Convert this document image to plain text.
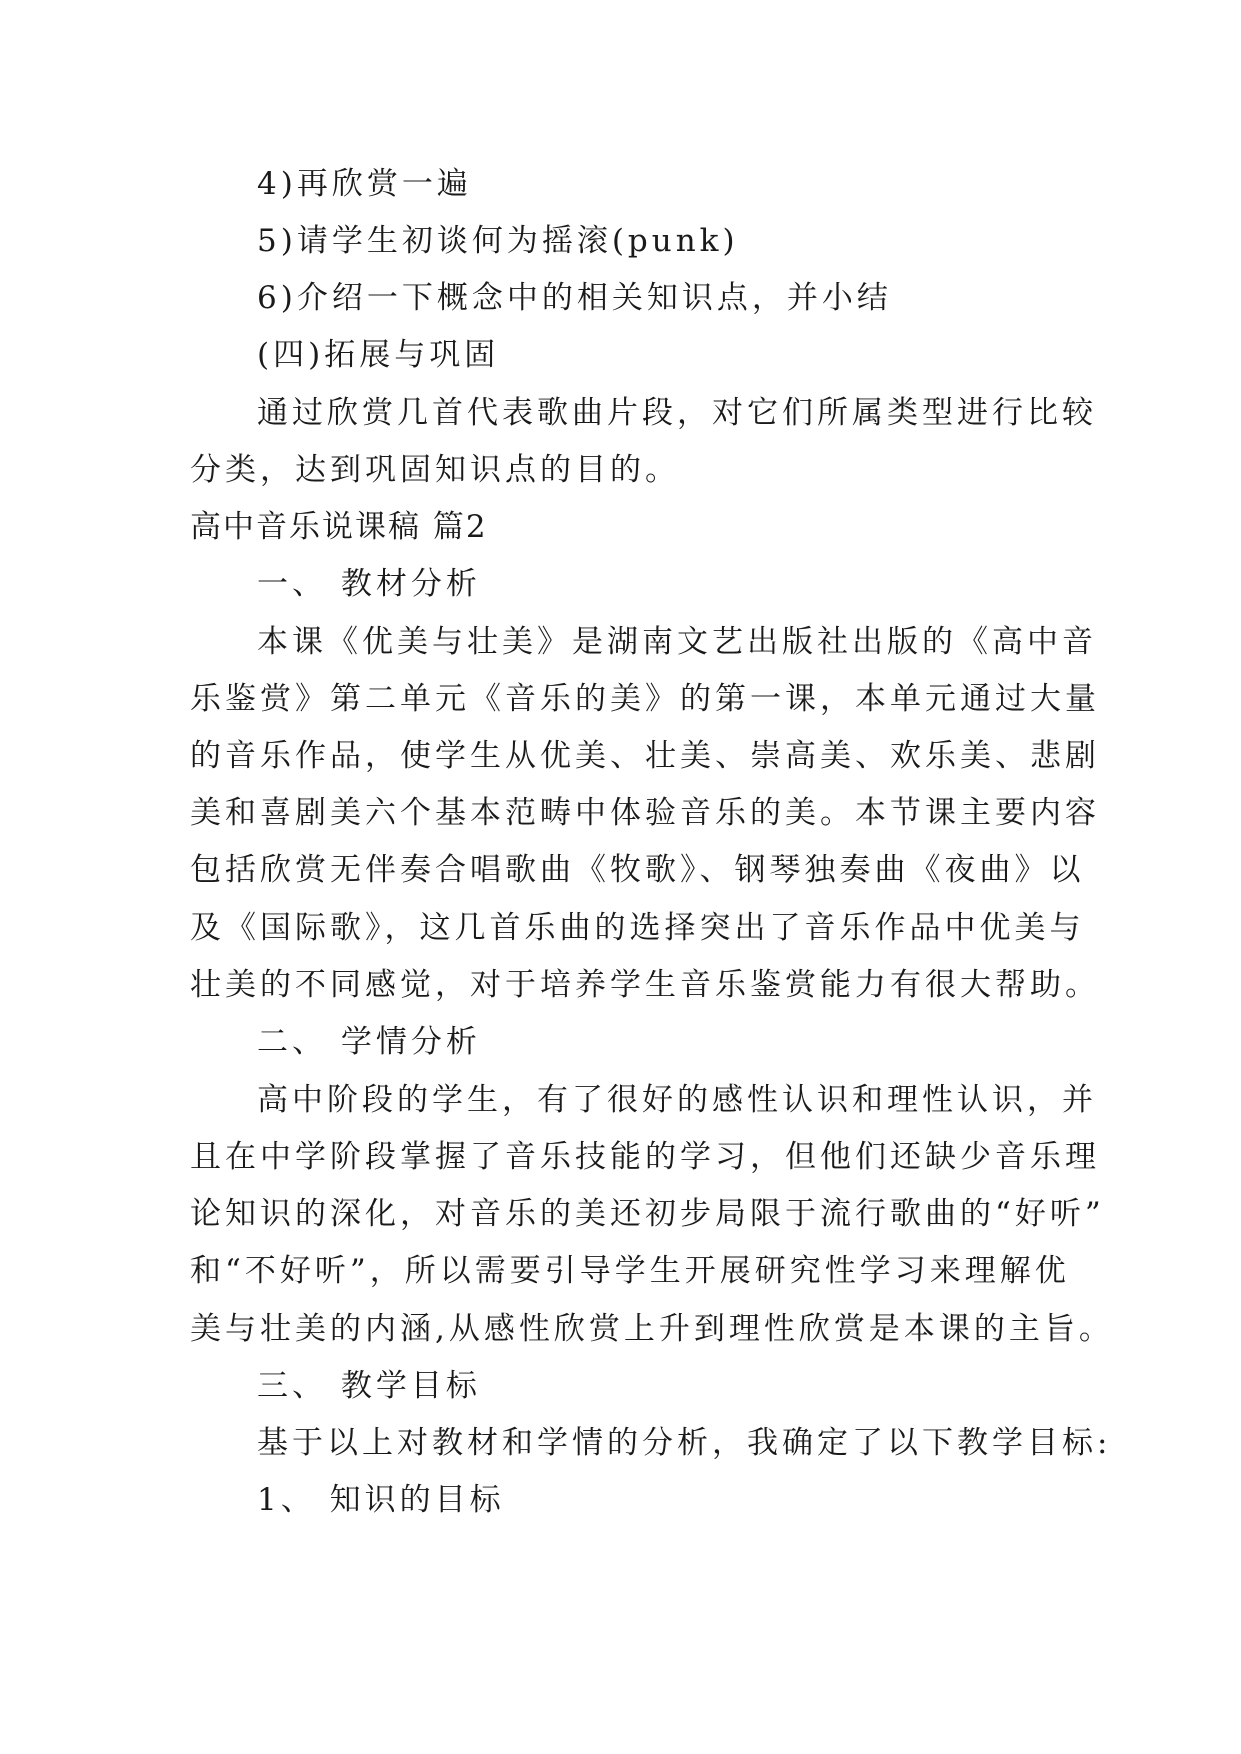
4)再欣赏一遍
5)请学生初谈何为摇滚(punk)
6)介绍一下概念中的相关知识点，并小结
(四)拓展与巩固
通过欣赏几首代表歌曲片段，对它们所属类型进行比较
分类，达到巩固知识点的目的。
高中音乐说课稿 篇2
一、 教材分析
本课《优美与壮美》是湖南文艺出版社出版的《高中音
乐鉴赏》第二单元《音乐的美》的第一课，本单元通过大量
的音乐作品，使学生从优美、壮美、崇高美、欢乐美、悲剧
美和喜剧美六个基本范畴中体验音乐的美。本节课主要内容
包括欣赏无伴奏合唱歌曲《牧歌》、钢琴独奏曲《夜曲》以
及《国际歌》，这几首乐曲的选择突出了音乐作品中优美与
壮美的不同感觉，对于培养学生音乐鉴赏能力有很大帮助。
二、 学情分析
高中阶段的学生，有了很好的感性认识和理性认识，并
且在中学阶段掌握了音乐技能的学习，但他们还缺少音乐理
论知识的深化，对音乐的美还初步局限于流行歌曲的“好听”
和“不好听”，所以需要引导学生开展研究性学习来理解优
美与壮美的内涵,从感性欣赏上升到理性欣赏是本课的主旨。
三、 教学目标
基于以上对教材和学情的分析，我确定了以下教学目标:
1、 知识的目标
